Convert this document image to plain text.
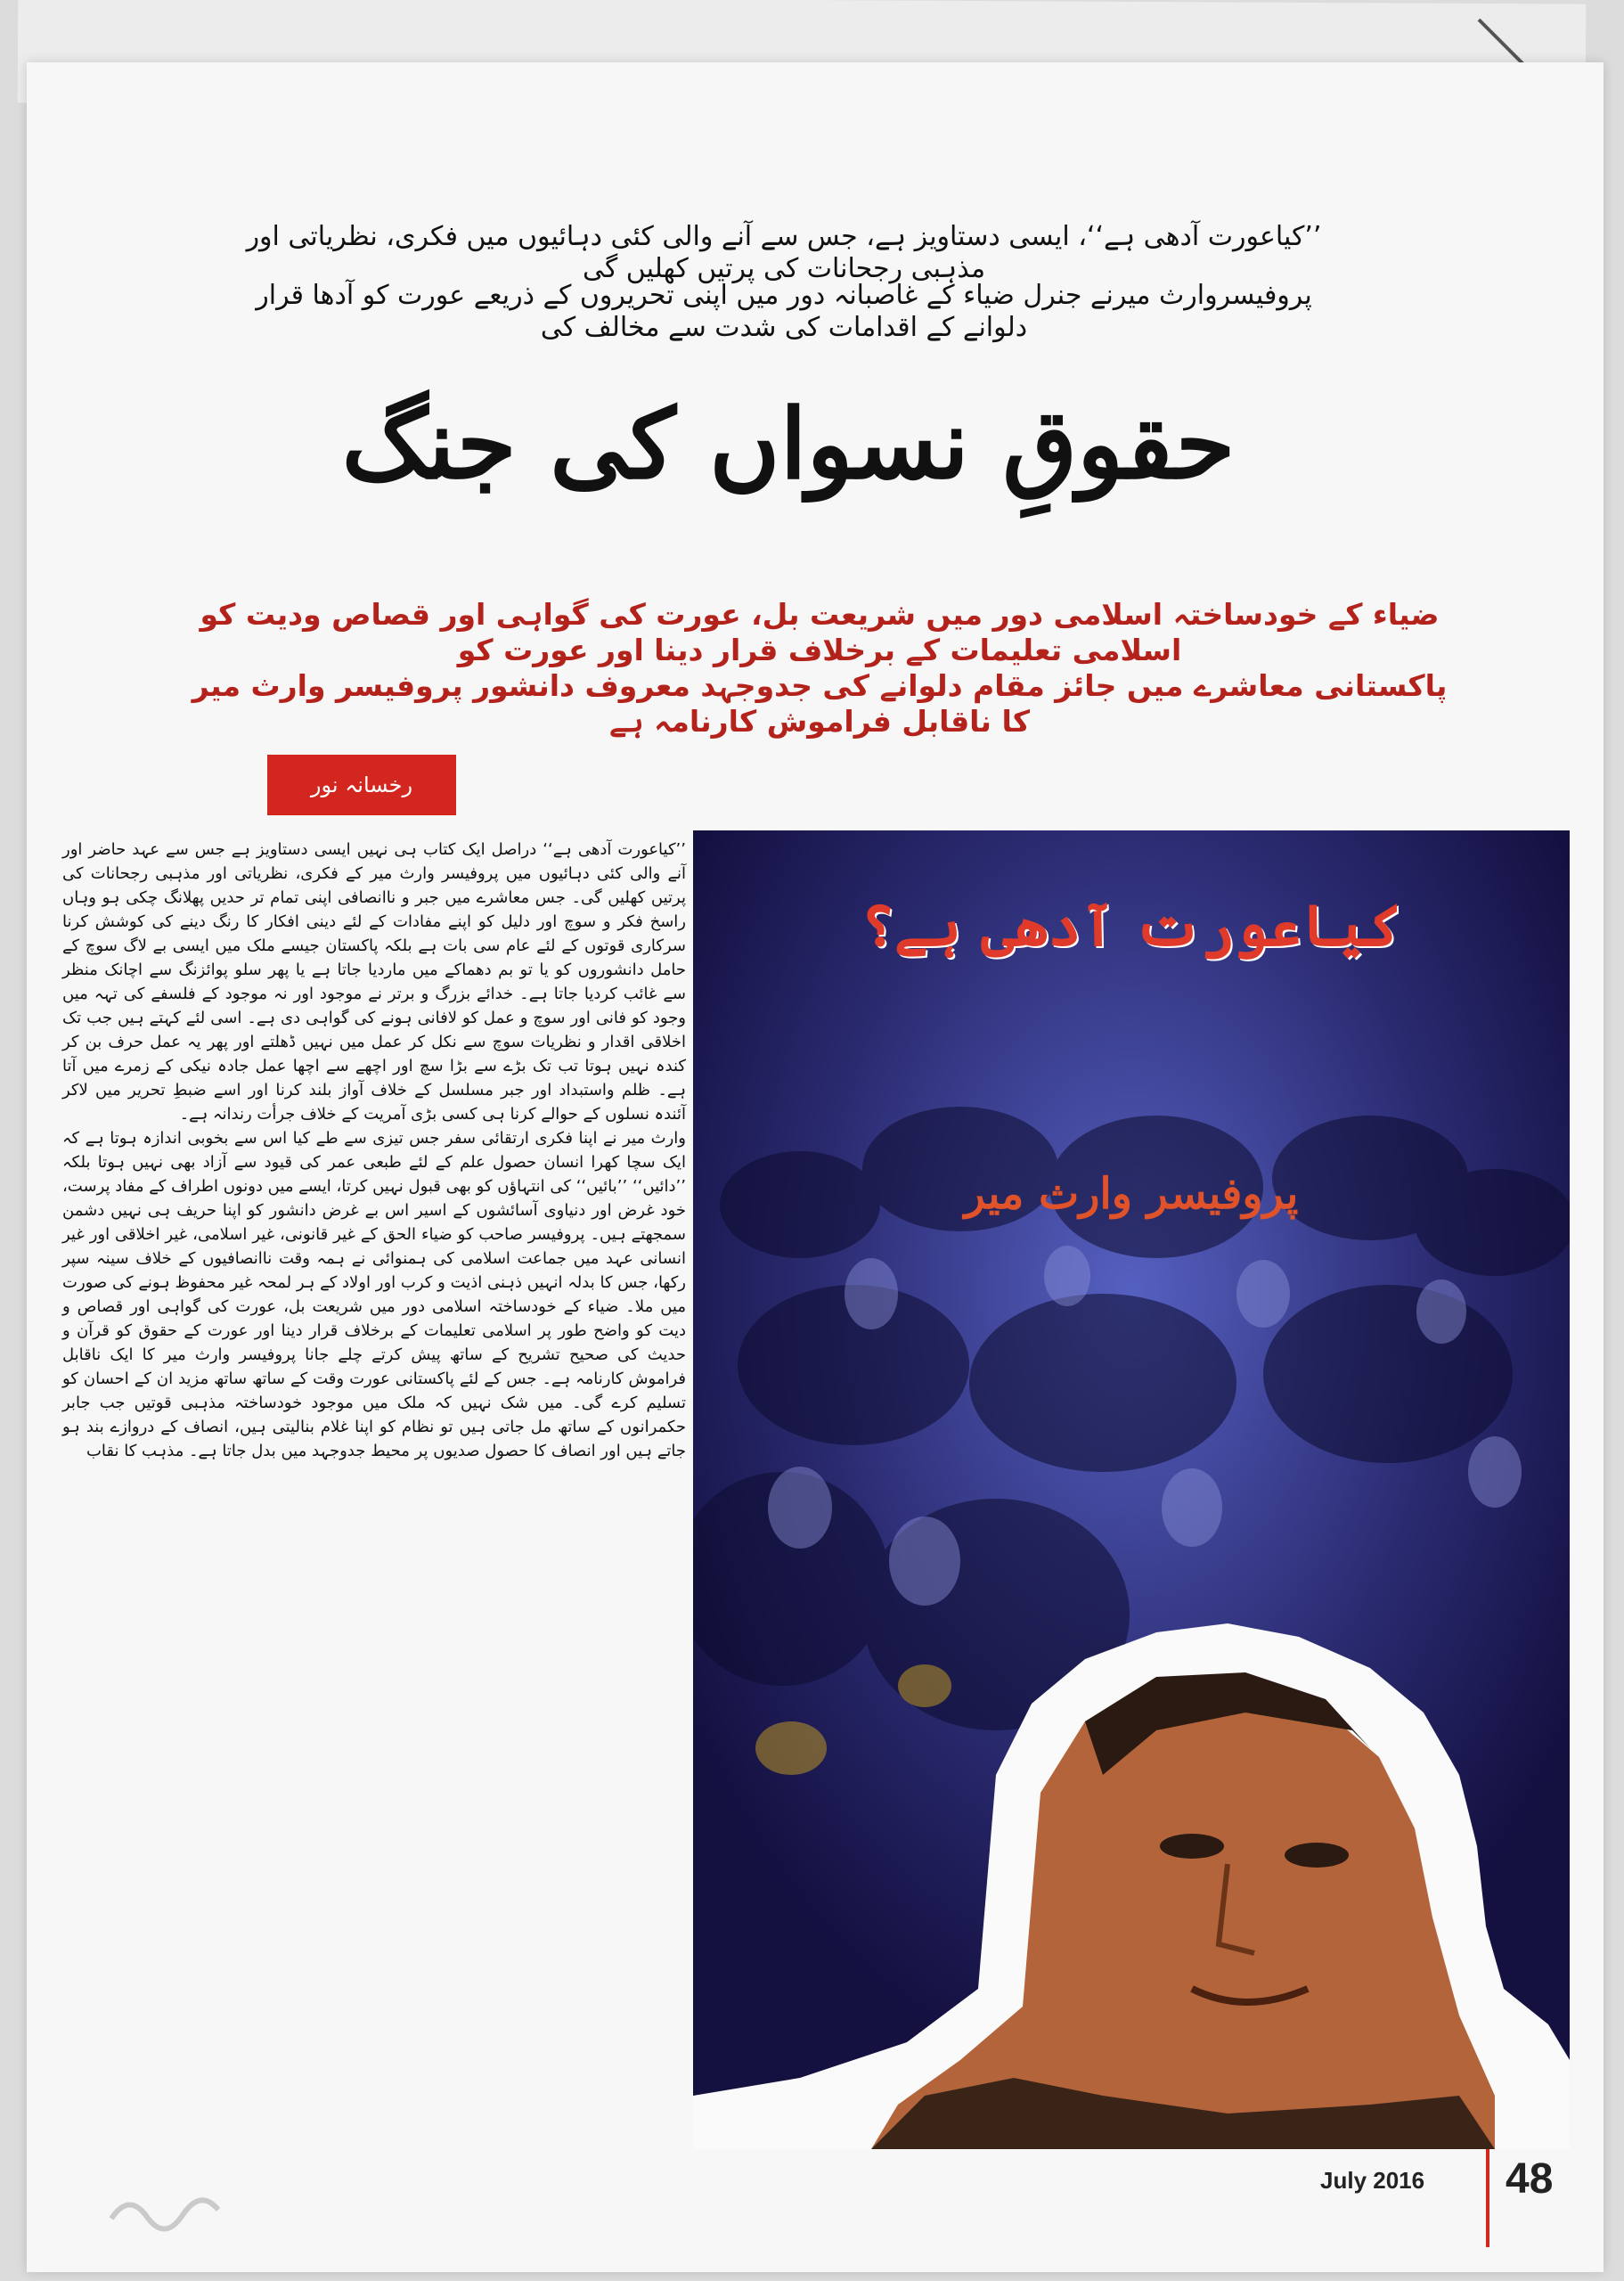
’’کیاعورت آدھی ہے‘‘، ایسی دستاویز ہے، جس سے آنے والی کئی دہائیوں میں فکری، نظریاتی اور مذہبی رجحانات کی پرتیں کھلیں گی
پروفیسروارث میرنے جنرل ضیاء کے غاصبانہ دور میں اپنی تحریروں کے ذریعے عورت کو آدھا قرار دلوانے کے اقدامات کی شدت سے مخالف کی
حقوقِ نسواں کی جنگ
ضیاء کے خودساختہ اسلامی دور میں شریعت بل، عورت کی گواہی اور قصاص ودیت کو اسلامی تعلیمات کے برخلاف قرار دینا اور عورت کو
پاکستانی معاشرے میں جائز مقام دلوانے کی جدوجہد معروف دانشور پروفیسر وارث میر کا ناقابل فراموش کارنامہ ہے
رخسانہ نور

’’کیاعورت آدھی ہے‘‘ دراصل ایک کتاب ہی نہیں ایسی دستاویز ہے جس سے عہد حاضر اور آنے والی کئی دہائیوں میں پروفیسر وارث میر کے فکری، نظریاتی اور مذہبی رجحانات کی پرتیں کھلیں گی۔ جس معاشرے میں جبر و ناانصافی اپنی تمام تر حدیں پھلانگ چکی ہو وہاں راسخ فکر و سوچ اور دلیل کو اپنے مفادات کے لئے دینی افکار کا رنگ دینے کی کوشش کرنا سرکاری قوتوں کے لئے عام سی بات ہے بلکہ پاکستان جیسے ملک میں ایسی بے لاگ سوچ کے حامل دانشوروں کو یا تو بم دھماکے میں ماردیا جاتا ہے یا پھر سلو پوائزنگ سے اچانک منظر سے غائب کردیا جاتا ہے۔ خدائے بزرگ و برتر نے موجود اور نہ موجود کے فلسفے کی تہہ میں وجود کو فانی اور سوچ و عمل کو لافانی ہونے کی گواہی دی ہے۔ اسی لئے کہتے ہیں جب تک اخلاقی اقدار و نظریات سوچ سے نکل کر عمل میں نہیں ڈھلتے اور پھر یہ عمل حرف بن کر کندہ نہیں ہوتا تب تک بڑے سے بڑا سچ اور اچھے سے اچھا عمل جادہ نیکی کے زمرے میں آتا ہے۔ ظلم واستبداد اور جبر مسلسل کے خلاف آواز بلند کرنا اور اسے ضبطِ تحریر میں لاکر آئندہ نسلوں کے حوالے کرنا ہی کسی بڑی آمریت کے خلاف جرأت رندانہ ہے۔

وارث میر نے اپنا فکری ارتقائی سفر جس تیزی سے طے کیا اس سے بخوبی اندازہ ہوتا ہے کہ ایک سچا کھرا انسان حصول علم کے لئے طبعی عمر کی قیود سے آزاد بھی نہیں ہوتا بلکہ ’’دائیں‘‘ ’’بائیں‘‘ کی انتہاؤں کو بھی قبول نہیں کرتا، ایسے میں دونوں اطراف کے مفاد پرست، خود غرض اور دنیاوی آسائشوں کے اسیر اس بے غرض دانشور کو اپنا حریف ہی نہیں دشمن سمجھتے ہیں۔ پروفیسر صاحب کو ضیاء الحق کے غیر قانونی، غیر اسلامی، غیر اخلاقی اور غیر انسانی عہد میں جماعت اسلامی کی ہمنوائی نے ہمہ وقت ناانصافیوں کے خلاف سینہ سپر رکھا، جس کا بدلہ انہیں ذہنی اذیت و کرب اور اولاد کے ہر لمحہ غیر محفوظ ہونے کی صورت میں ملا۔ ضیاء کے خودساختہ اسلامی دور میں شریعت بل، عورت کی گواہی اور قصاص و دیت کو واضح طور پر اسلامی تعلیمات کے برخلاف قرار دینا اور عورت کے حقوق کو قرآن و حدیث کی صحیح تشریح کے ساتھ پیش کرتے چلے جانا پروفیسر وارث میر کا ایک ناقابل فراموش کارنامہ ہے۔ جس کے لئے پاکستانی عورت وقت کے ساتھ ساتھ مزید ان کے احسان کو تسلیم کرے گی۔ میں شک نہیں کہ ملک میں موجود خودساختہ مذہبی قوتیں جب جابر حکمرانوں کے ساتھ مل جاتی ہیں تو نظام کو اپنا غلام بنالیتی ہیں، انصاف کے دروازے بند ہو جاتے ہیں اور انصاف کا حصول صدیوں پر محیط جدوجہد میں بدل جاتا ہے۔ مذہب کا نقاب

کیاعورت آدھی ہے؟
پروفیسر وارث میر
July 2016 48
